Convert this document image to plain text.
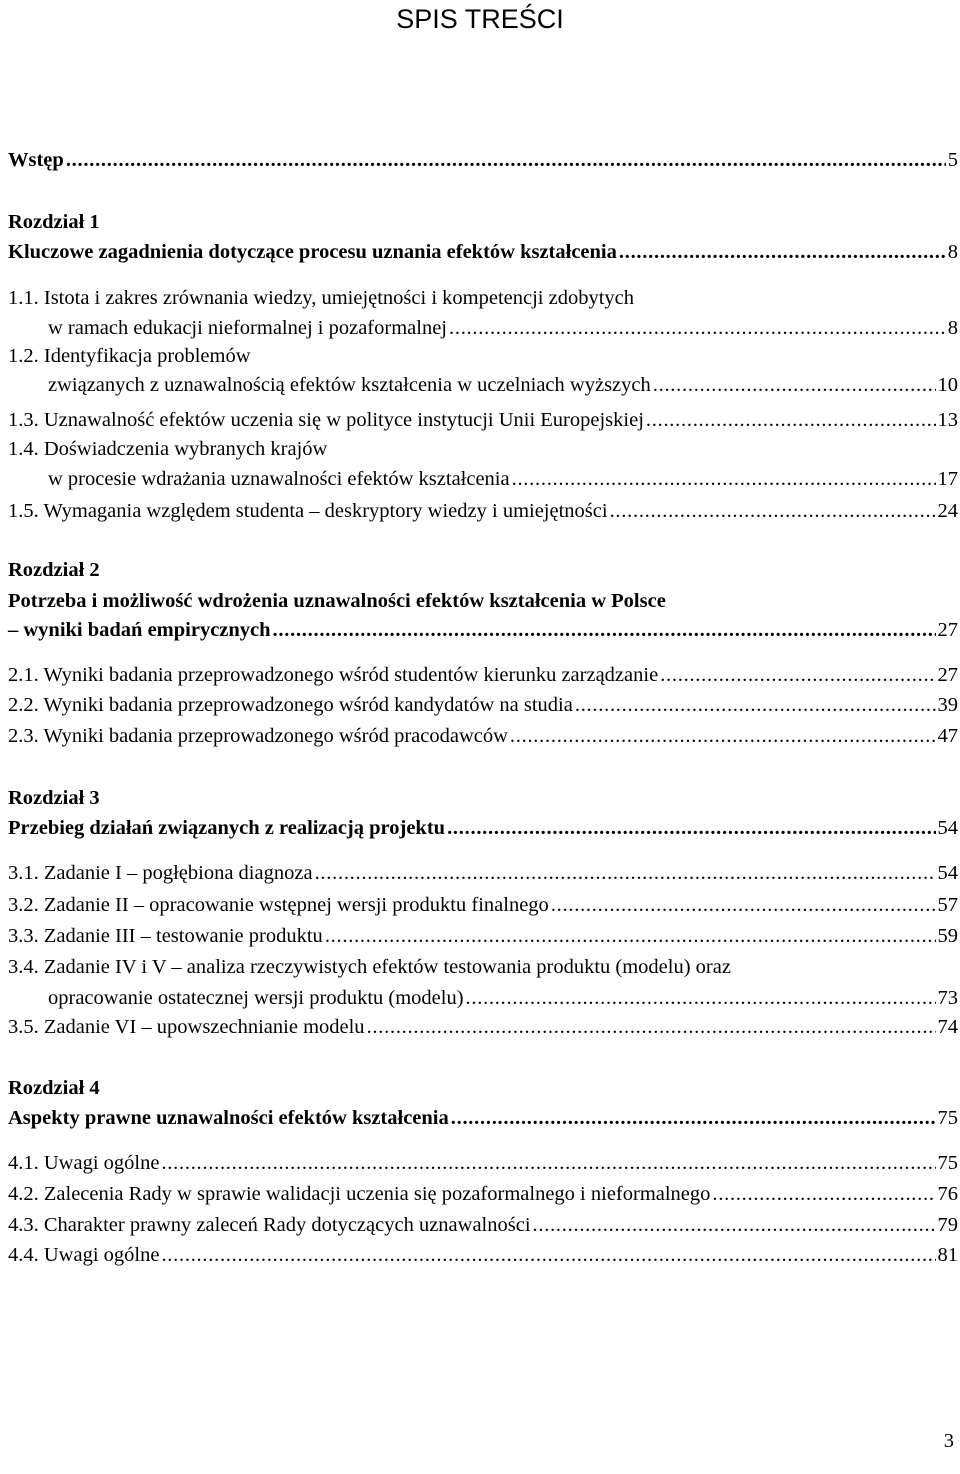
SPIS TREŚCI
Wstęp . . .	5
Rozdział 1
Kluczowe zagadnienia dotyczące procesu uznania efektów kształcenia . . .	8
1.1. Istota i zakres zrównania wiedzy, umiejętności i kompetencji zdobytych
w ramach edukacji nieformalnej i pozaformalnej . . .	8
1.2. Identyfikacja problemów
związanych z uznawalnością efektów kształcenia w uczelniach wyższych . . .	10
1.3. Uznawalność efektów uczenia się w polityce instytucji Unii Europejskiej . . .	13
1.4. Doświadczenia wybranych krajów
w procesie wdrażania uznawalności efektów kształcenia . . .	17
1.5. Wymagania względem studenta – deskryptory wiedzy i umiejętności . . .	24
Rozdział 2
Potrzeba i możliwość wdrożenia uznawalności efektów kształcenia w Polsce
– wyniki badań empirycznych . . .	27
2.1. Wyniki badania przeprowadzonego wśród studentów kierunku zarządzanie . . .	27
2.2. Wyniki badania przeprowadzonego wśród kandydatów na studia . . .	39
2.3. Wyniki badania przeprowadzonego wśród pracodawców . . .	47
Rozdział 3
Przebieg działań związanych z realizacją projektu . . .	54
3.1. Zadanie I – pogłębiona diagnoza . . .	54
3.2. Zadanie II – opracowanie wstępnej wersji produktu finalnego . . .	57
3.3. Zadanie III – testowanie produktu . . .	59
3.4. Zadanie IV i V – analiza rzeczywistych efektów testowania produktu (modelu) oraz
opracowanie ostatecznej wersji produktu (modelu) . . .	73
3.5. Zadanie VI – upowszechnianie modelu . . .	74
Rozdział 4
Aspekty prawne uznawalności efektów kształcenia . . .	75
4.1. Uwagi ogólne . . .	75
4.2. Zalecenia Rady w sprawie walidacji uczenia się pozaformalnego i nieformalnego . . .	76
4.3. Charakter prawny zaleceń Rady dotyczących uznawalności . . .	79
4.4. Uwagi ogólne . . .	81
3
